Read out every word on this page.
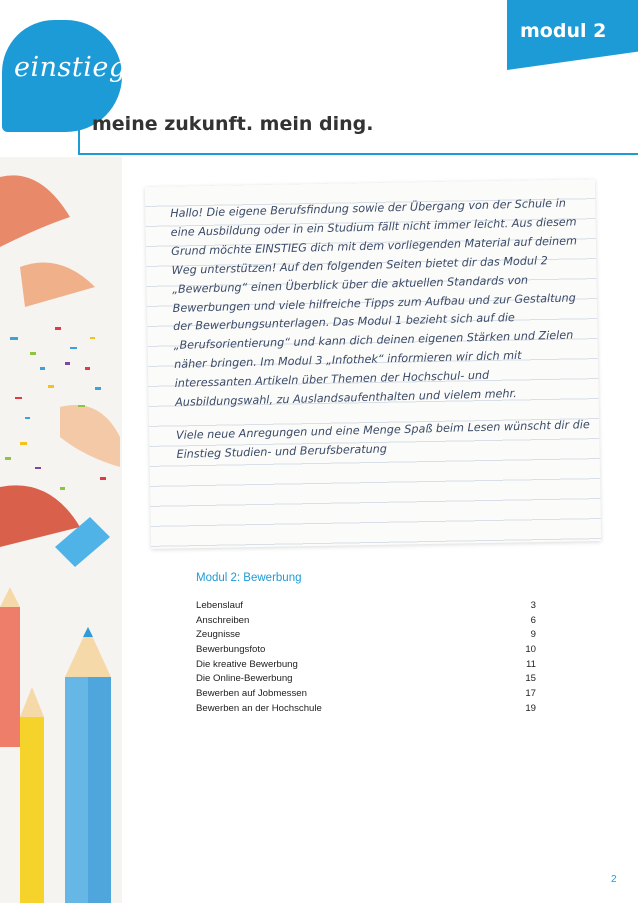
einstieg
meine zukunft. mein ding.
modul 2

Hallo! Die eigene Berufsfindung sowie der Übergang von der Schule in eine Ausbildung oder in ein Studium fällt nicht immer leicht. Aus diesem Grund möchte EINSTIEG dich mit dem vorliegenden Material auf deinem Weg unterstützen! Auf den folgenden Seiten bietet dir das Modul 2 „Bewerbung“ einen Überblick über die aktuellen Standards von Bewerbungen und viele hilfreiche Tipps zum Aufbau und zur Gestaltung der Bewerbungsunterlagen. Das Modul 1 bezieht sich auf die „Berufsorientierung“ und kann dich deinen eigenen Stärken und Zielen näher bringen. Im Modul 3 „Infothek“ informieren wir dich mit interessanten Artikeln über Themen der Hochschul- und Ausbildungswahl, zu Auslandsaufenthalten und vielem mehr.

Viele neue Anregungen und eine Menge Spaß beim Lesen wünscht dir die Einstieg Studien- und Berufsberatung

Modul 2: Bewerbung
Lebenslauf	3
Anschreiben	6
Zeugnisse	9
Bewerbungsfoto	10
Die kreative Bewerbung	11
Die Online-Bewerbung	15
Bewerben auf Jobmessen	17
Bewerben an der Hochschule	19
2
